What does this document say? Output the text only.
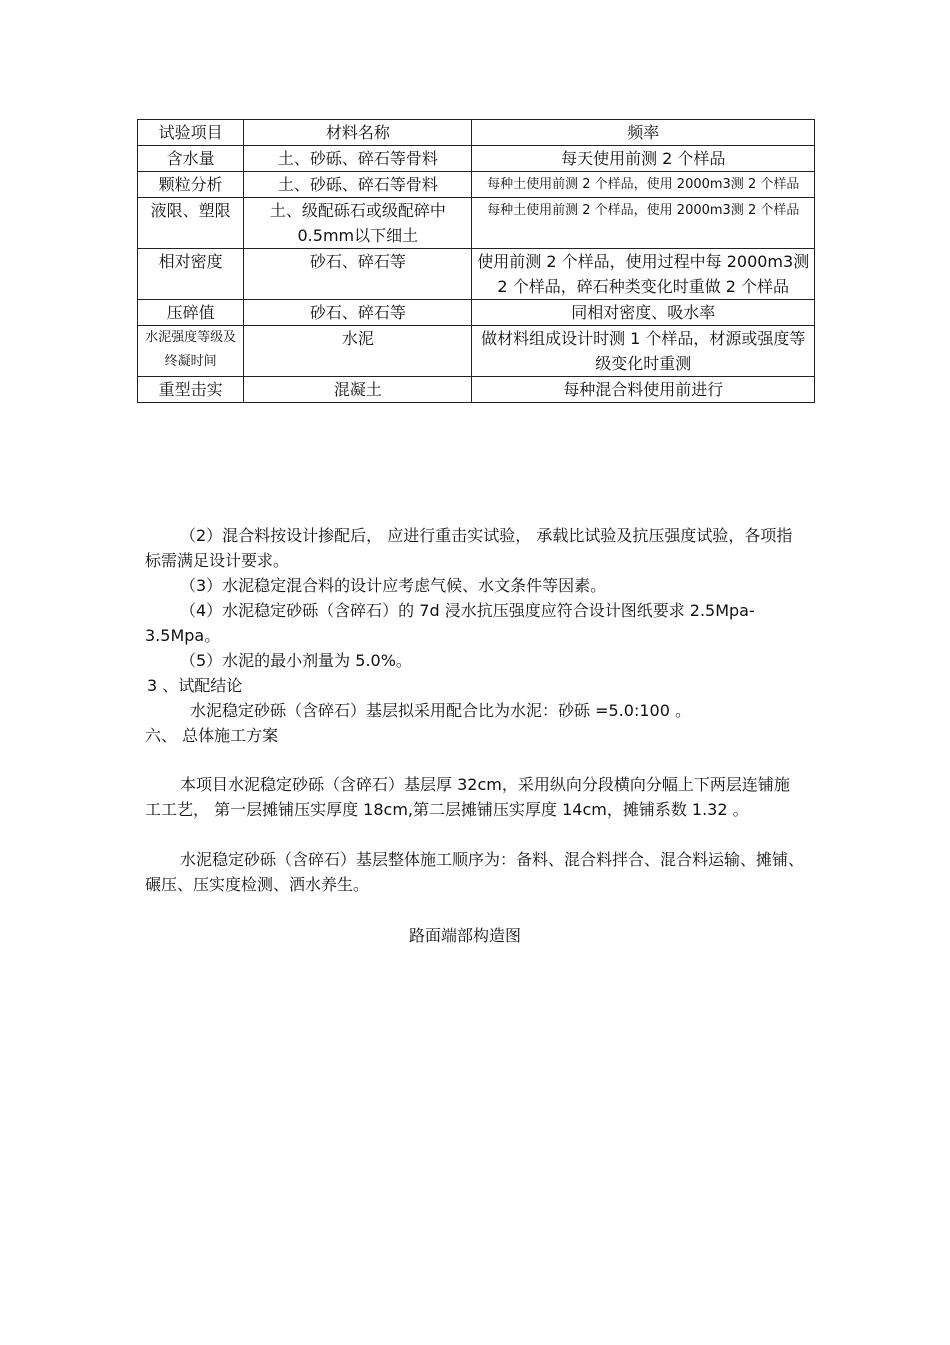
试验项目	材料名称	频率
含水量	土、砂砾、碎石等骨料	每天使用前测 2 个样品
颗粒分析	土、砂砾、碎石等骨料	每种土使用前测 2 个样品，使用 2000m3测 2 个样品
液限、塑限	土、级配砾石或级配碎中 0.5mm以下细土	每种土使用前测 2 个样品，使用 2000m3测 2 个样品
相对密度	砂石、碎石等	使用前测 2 个样品，使用过程中每 2000m3测 2 个样品，碎石种类变化时重做 2 个样品
压碎值	砂石、碎石等	同相对密度、吸水率
水泥强度等级及终凝时间	水泥	做材料组成设计时测 1 个样品，材源或强度等级变化时重测
重型击实	混凝土	每种混合料使用前进行

（2）混合料按设计掺配后， 应进行重击实试验， 承载比试验及抗压强度试验，各项指标需满足设计要求。

（3）水泥稳定混合料的设计应考虑气候、水文条件等因素。

（4）水泥稳定砂砾（含碎石）的 7d 浸水抗压强度应符合设计图纸要求 2.5Mpa-3.5Mpa。

（5）水泥的最小剂量为 5.0%。

3 、试配结论

水泥稳定砂砾（含碎石）基层拟采用配合比为水泥：砂砾 =5.0:100 。

六、 总体施工方案

本项目水泥稳定砂砾（含碎石）基层厚 32cm，采用纵向分段横向分幅上下两层连铺施工工艺， 第一层摊铺压实厚度 18cm,第二层摊铺压实厚度 14cm，摊铺系数 1.32 。

水泥稳定砂砾（含碎石）基层整体施工顺序为：备料、混合料拌合、混合料运输、摊铺、碾压、压实度检测、洒水养生。

路面端部构造图
